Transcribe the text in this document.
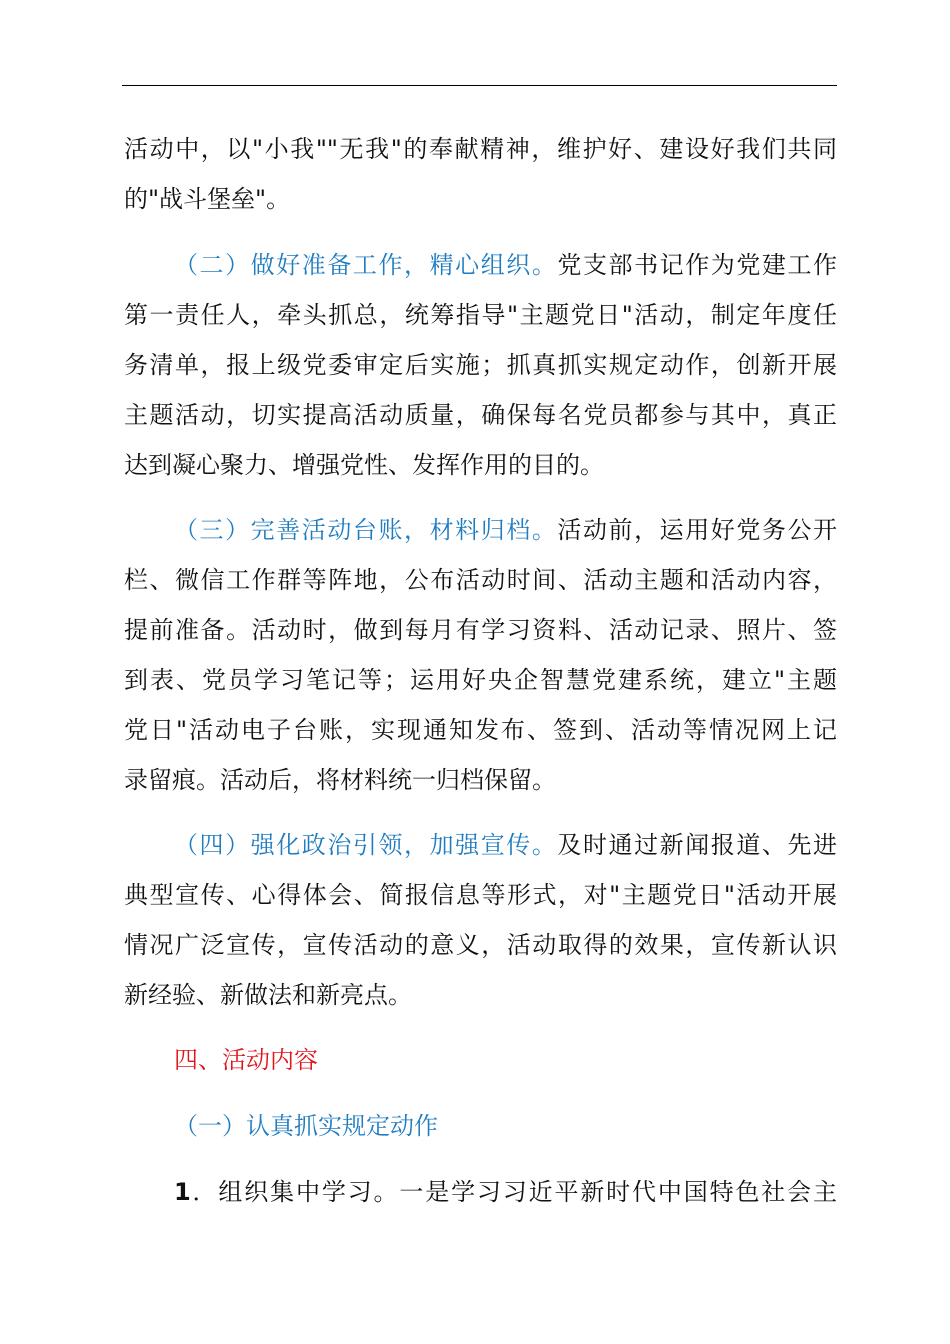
活动中，以"小我""无我"的奉献精神，维护好、建设好我们共同
的"战斗堡垒"。
（二）做好准备工作，精心组织。党支部书记作为党建工作
第一责任人，牵头抓总，统筹指导"主题党日"活动，制定年度任
务清单，报上级党委审定后实施；抓真抓实规定动作，创新开展
主题活动，切实提高活动质量，确保每名党员都参与其中，真正
达到凝心聚力、增强党性、发挥作用的目的。
（三）完善活动台账，材料归档。活动前，运用好党务公开
栏、微信工作群等阵地，公布活动时间、活动主题和活动内容，
提前准备。活动时，做到每月有学习资料、活动记录、照片、签
到表、党员学习笔记等；运用好央企智慧党建系统，建立"主题
党日"活动电子台账，实现通知发布、签到、活动等情况网上记
录留痕。活动后，将材料统一归档保留。
（四）强化政治引领，加强宣传。及时通过新闻报道、先进
典型宣传、心得体会、简报信息等形式，对"主题党日"活动开展
情况广泛宣传，宣传活动的意义，活动取得的效果，宣传新认识
新经验、新做法和新亮点。
四、活动内容
（一）认真抓实规定动作
1．组织集中学习。一是学习习近平新时代中国特色社会主
